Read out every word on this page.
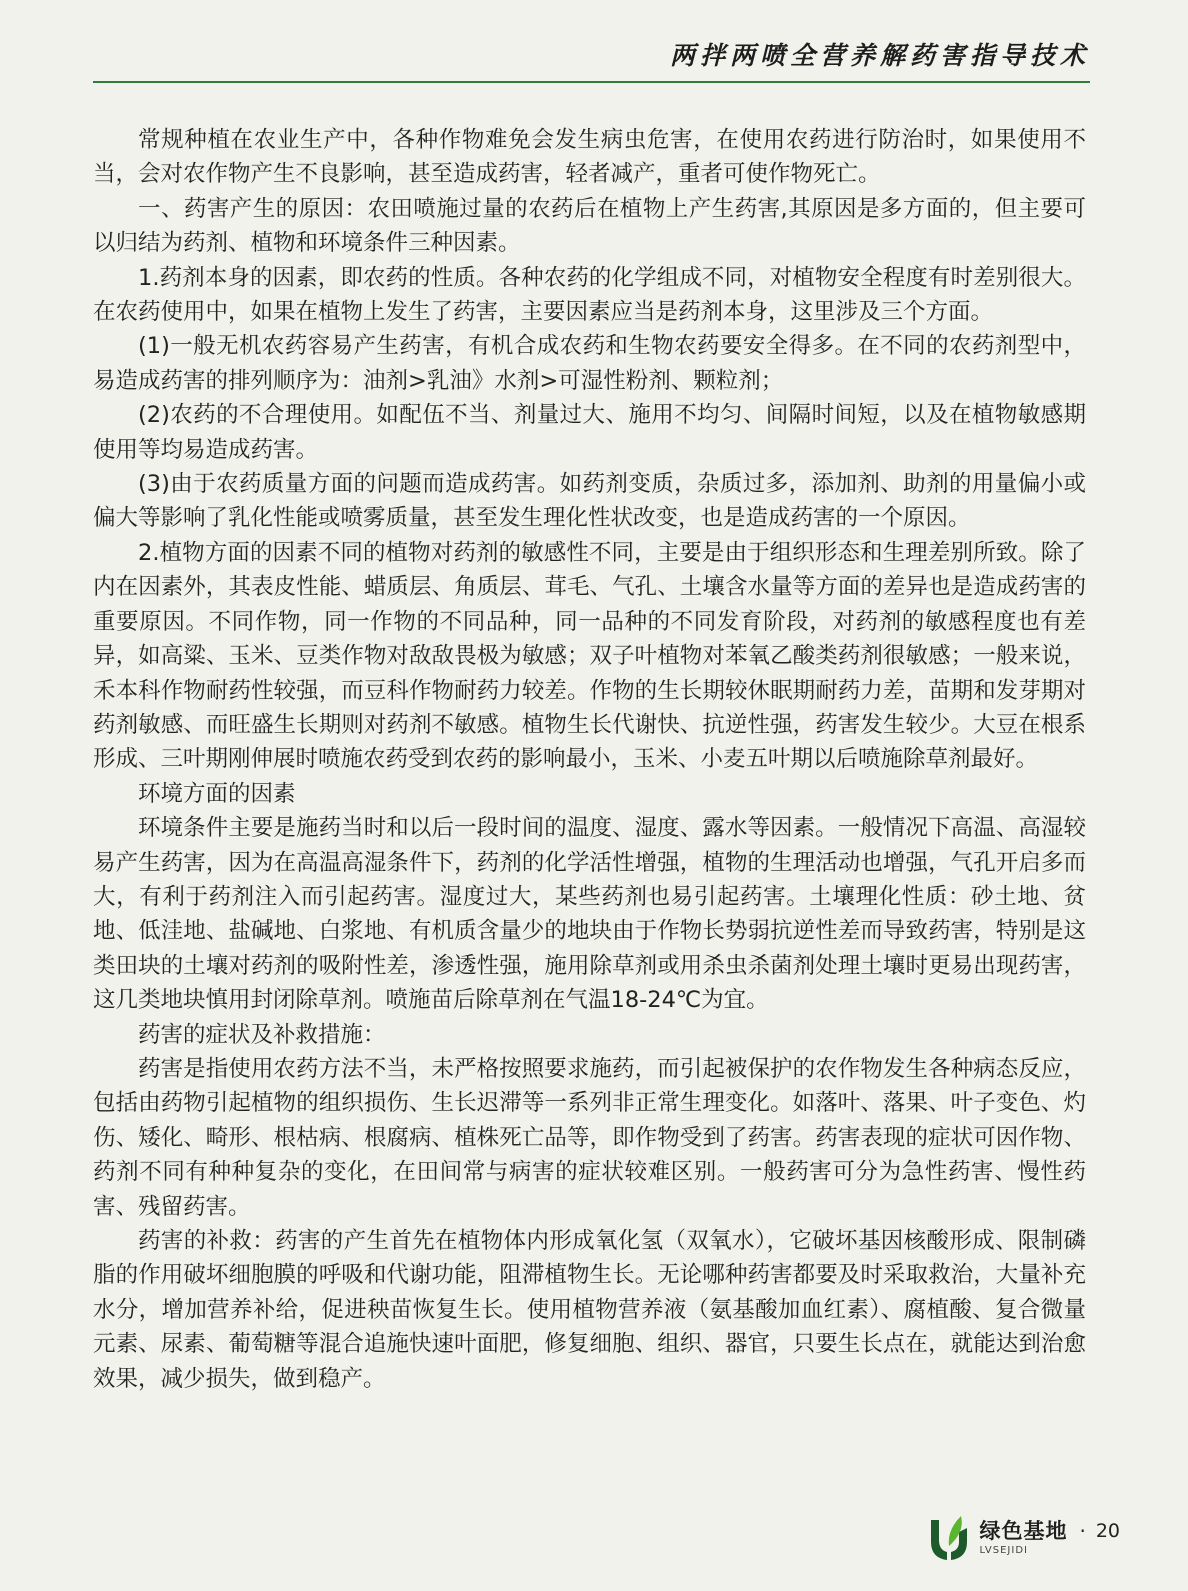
两拌两喷全营养解药害指导技术

常规种植在农业生产中，各种作物难免会发生病虫危害，在使用农药进行防治时，如果使用不当，会对农作物产生不良影响，甚至造成药害，轻者减产，重者可使作物死亡。

一、药害产生的原因：农田喷施过量的农药后在植物上产生药害,其原因是多方面的，但主要可以归结为药剂、植物和环境条件三种因素。

1.药剂本身的因素，即农药的性质。各种农药的化学组成不同，对植物安全程度有时差别很大。在农药使用中，如果在植物上发生了药害，主要因素应当是药剂本身，这里涉及三个方面。

(1)一般无机农药容易产生药害，有机合成农药和生物农药要安全得多。在不同的农药剂型中，易造成药害的排列顺序为：油剂>乳油》水剂>可湿性粉剂、颗粒剂；

(2)农药的不合理使用。如配伍不当、剂量过大、施用不均匀、间隔时间短，以及在植物敏感期使用等均易造成药害。

(3)由于农药质量方面的问题而造成药害。如药剂变质，杂质过多，添加剂、助剂的用量偏小或偏大等影响了乳化性能或喷雾质量，甚至发生理化性状改变，也是造成药害的一个原因。

2.植物方面的因素不同的植物对药剂的敏感性不同，主要是由于组织形态和生理差别所致。除了内在因素外，其表皮性能、蜡质层、角质层、茸毛、气孔、土壤含水量等方面的差异也是造成药害的重要原因。不同作物，同一作物的不同品种，同一品种的不同发育阶段，对药剂的敏感程度也有差异，如高粱、玉米、豆类作物对敌敌畏极为敏感；双子叶植物对苯氧乙酸类药剂很敏感；一般来说，禾本科作物耐药性较强，而豆科作物耐药力较差。作物的生长期较休眠期耐药力差，苗期和发芽期对药剂敏感、而旺盛生长期则对药剂不敏感。植物生长代谢快、抗逆性强，药害发生较少。大豆在根系形成、三叶期刚伸展时喷施农药受到农药的影响最小，玉米、小麦五叶期以后喷施除草剂最好。

环境方面的因素

环境条件主要是施药当时和以后一段时间的温度、湿度、露水等因素。一般情况下高温、高湿较易产生药害，因为在高温高湿条件下，药剂的化学活性增强，植物的生理活动也增强，气孔开启多而大，有利于药剂注入而引起药害。湿度过大，某些药剂也易引起药害。土壤理化性质：砂土地、贫地、低洼地、盐碱地、白浆地、有机质含量少的地块由于作物长势弱抗逆性差而导致药害，特别是这类田块的土壤对药剂的吸附性差，渗透性强，施用除草剂或用杀虫杀菌剂处理土壤时更易出现药害，这几类地块慎用封闭除草剂。喷施苗后除草剂在气温18-24℃为宜。

药害的症状及补救措施：

药害是指使用农药方法不当，未严格按照要求施药，而引起被保护的农作物发生各种病态反应，包括由药物引起植物的组织损伤、生长迟滞等一系列非正常生理变化。如落叶、落果、叶子变色、灼伤、矮化、畸形、根枯病、根腐病、植株死亡品等，即作物受到了药害。药害表现的症状可因作物、药剂不同有种种复杂的变化，在田间常与病害的症状较难区别。一般药害可分为急性药害、慢性药害、残留药害。

药害的补救：药害的产生首先在植物体内形成氧化氢（双氧水），它破坏基因核酸形成、限制磷脂的作用破坏细胞膜的呼吸和代谢功能，阻滞植物生长。无论哪种药害都要及时采取救治，大量补充水分，增加营养补给，促进秧苗恢复生长。使用植物营养液（氨基酸加血红素）、腐植酸、复合微量元素、尿素、葡萄糖等混合追施快速叶面肥，修复细胞、组织、器官，只要生长点在，就能达到治愈效果，减少损失，做到稳产。

绿色基地
LVSEJIDI
· 20
